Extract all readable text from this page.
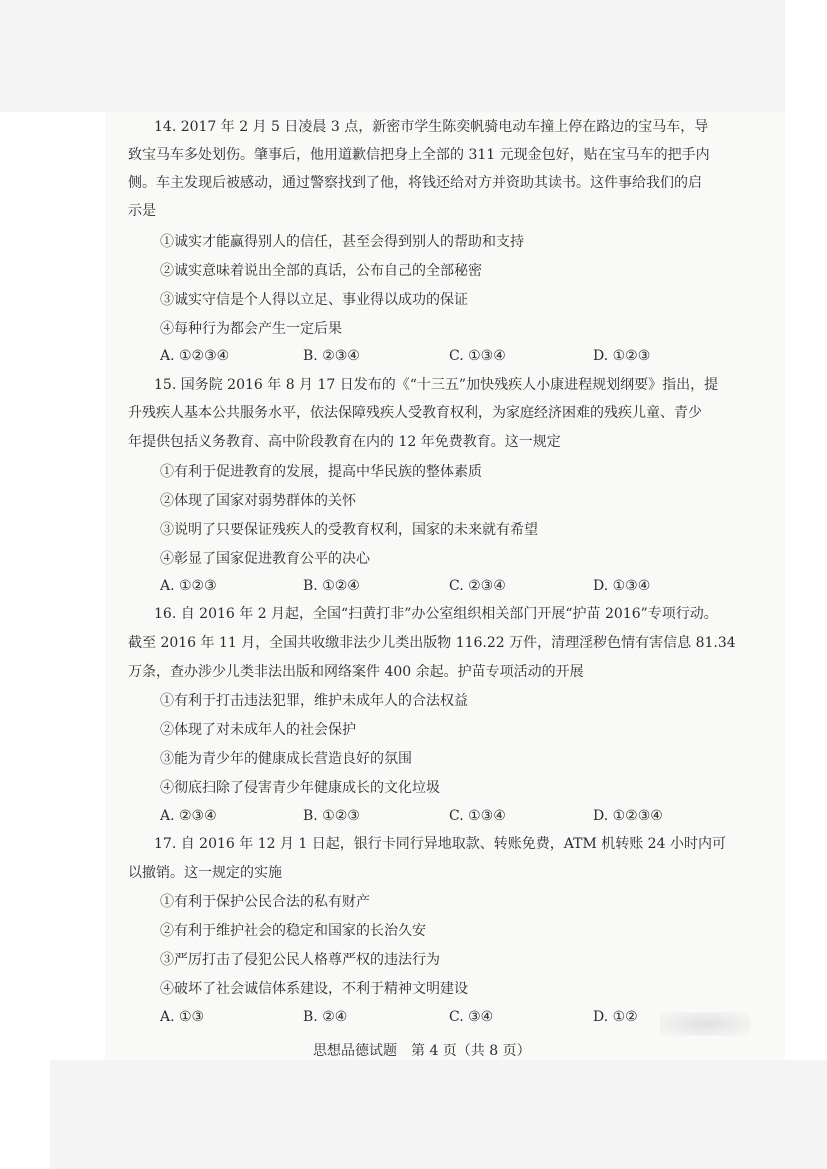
14. 2017 年 2 月 5 日凌晨 3 点，新密市学生陈奕帆骑电动车撞上停在路边的宝马车，导
致宝马车多处划伤。肇事后，他用道歉信把身上全部的 311 元现金包好，贴在宝马车的把手内
侧。车主发现后被感动，通过警察找到了他，将钱还给对方并资助其读书。这件事给我们的启
示是
①诚实才能赢得别人的信任，甚至会得到别人的帮助和支持
②诚实意味着说出全部的真话，公布自己的全部秘密
③诚实守信是个人得以立足、事业得以成功的保证
④每种行为都会产生一定后果
A. ①②③④	B. ②③④	C. ①③④	D. ①②③
15. 国务院 2016 年 8 月 17 日发布的《“十三五”加快残疾人小康进程规划纲要》指出，提
升残疾人基本公共服务水平，依法保障残疾人受教育权利，为家庭经济困难的残疾儿童、青少
年提供包括义务教育、高中阶段教育在内的 12 年免费教育。这一规定
①有利于促进教育的发展，提高中华民族的整体素质
②体现了国家对弱势群体的关怀
③说明了只要保证残疾人的受教育权利，国家的未来就有希望
④彰显了国家促进教育公平的决心
A. ①②③	B. ①②④	C. ②③④	D. ①③④
16. 自 2016 年 2 月起，全国“扫黄打非”办公室组织相关部门开展“护苗 2016”专项行动。
截至 2016 年 11 月，全国共收缴非法少儿类出版物 116.22 万件，清理淫秽色情有害信息 81.34
万条，查办涉少儿类非法出版和网络案件 400 余起。护苗专项活动的开展
①有利于打击违法犯罪，维护未成年人的合法权益
②体现了对未成年人的社会保护
③能为青少年的健康成长营造良好的氛围
④彻底扫除了侵害青少年健康成长的文化垃圾
A. ②③④	B. ①②③	C. ①③④	D. ①②③④
17. 自 2016 年 12 月 1 日起，银行卡同行异地取款、转账免费，ATM 机转账 24 小时内可
以撤销。这一规定的实施
①有利于保护公民合法的私有财产
②有利于维护社会的稳定和国家的长治久安
③严厉打击了侵犯公民人格尊严权的违法行为
④破坏了社会诚信体系建设，不利于精神文明建设
A. ①③	B. ②④	C. ③④	D. ①②
思想品德试题　第 4 页（共 8 页）
